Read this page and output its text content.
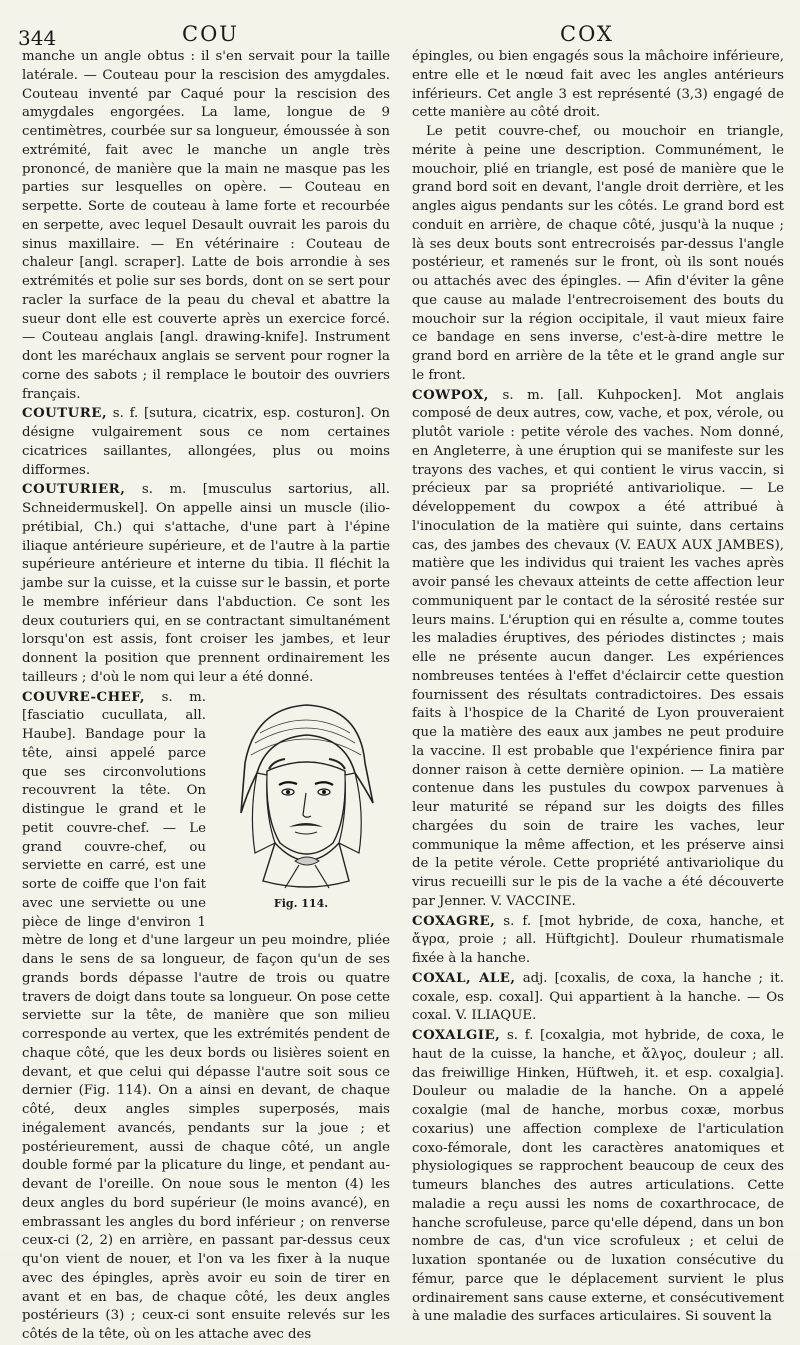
344	COU	COX

manche un angle obtus : il s'en servait pour la taille latérale. — Couteau pour la rescision des amygdales. Couteau inventé par Caqué pour la rescision des amygdales engorgées. La lame, longue de 9 centimètres, courbée sur sa longueur, émoussée à son extrémité, fait avec le manche un angle très prononcé, de manière que la main ne masque pas les parties sur lesquelles on opère. — Couteau en serpette. Sorte de couteau à lame forte et recourbée en serpette, avec lequel Desault ouvrait les parois du sinus maxillaire. — En vétérinaire : Couteau de chaleur [angl. scraper]. Latte de bois arrondie à ses extrémités et polie sur ses bords, dont on se sert pour racler la surface de la peau du cheval et abattre la sueur dont elle est couverte après un exercice forcé. — Couteau anglais [angl. drawing-knife]. Instrument dont les maréchaux anglais se servent pour rogner la corne des sabots ; il remplace le boutoir des ouvriers français.

COUTURE, s. f. [sutura, cicatrix, esp. costuron]. On désigne vulgairement sous ce nom certaines cicatrices saillantes, allongées, plus ou moins difformes.

COUTURIER, s. m. [musculus sartorius, all. Schneidermuskel]. On appelle ainsi un muscle (ilio-prétibial, Ch.) qui s'attache, d'une part à l'épine iliaque antérieure supérieure, et de l'autre à la partie supérieure antérieure et interne du tibia. Il fléchit la jambe sur la cuisse, et la cuisse sur le bassin, et porte le membre inférieur dans l'abduction. Ce sont les deux couturiers qui, en se contractant simultanément lorsqu'on est assis, font croiser les jambes, et leur donnent la position que prennent ordinairement les tailleurs ; d'où le nom qui leur a été donné.

COUVRE-CHEF,
Fig. 114.
s. m. [fasciatio cucullata, all. Haube]. Bandage pour la tête, ainsi appelé parce que ses circonvolutions recouvrent la tête. On distingue le grand et le petit couvre-chef. — Le grand couvre-chef, ou serviette en carré, est une sorte de coiffe que l'on fait avec une serviette ou une pièce de linge d'environ 1 mètre de long et d'une largeur un peu moindre, pliée dans le sens de sa longueur, de façon qu'un de ses grands bords dépasse l'autre de trois ou quatre travers de doigt dans toute sa longueur. On pose cette serviette sur la tête, de manière que son milieu corresponde au vertex, que les extrémités pendent de chaque côté, que les deux bords ou lisières soient en devant, et que celui qui dépasse l'autre soit sous ce dernier (Fig. 114). On a ainsi en devant, de chaque côté, deux angles simples superposés, mais inégalement avancés, pendants sur la joue ; et postérieurement, aussi de chaque côté, un angle double formé par la plicature du linge, et pendant au-devant de l'oreille. On noue sous le menton (4) les deux angles du bord supérieur (le moins avancé), en embrassant les angles du bord inférieur ; on renverse ceux-ci (2, 2) en arrière, en passant par-dessus ceux qu'on vient de nouer, et l'on va les fixer à la nuque avec des épingles, après avoir eu soin de tirer en avant et en bas, de chaque côté, les deux angles postérieurs (3) ; ceux-ci sont ensuite relevés sur les côtés de la tête, où on les attache avec des

épingles, ou bien engagés sous la mâchoire inférieure, entre elle et le nœud fait avec les angles antérieurs inférieurs. Cet angle 3 est représenté (3,3) engagé de cette manière au côté droit.

Le petit couvre-chef, ou mouchoir en triangle, mérite à peine une description. Communément, le mouchoir, plié en triangle, est posé de manière que le grand bord soit en devant, l'angle droit derrière, et les angles aigus pendants sur les côtés. Le grand bord est conduit en arrière, de chaque côté, jusqu'à la nuque ; là ses deux bouts sont entrecroisés par-dessus l'angle postérieur, et ramenés sur le front, où ils sont noués ou attachés avec des épingles. — Afin d'éviter la gêne que cause au malade l'entrecroisement des bouts du mouchoir sur la région occipitale, il vaut mieux faire ce bandage en sens inverse, c'est-à-dire mettre le grand bord en arrière de la tête et le grand angle sur le front.

COWPOX, s. m. [all. Kuhpocken]. Mot anglais composé de deux autres, cow, vache, et pox, vérole, ou plutôt variole : petite vérole des vaches. Nom donné, en Angleterre, à une éruption qui se manifeste sur les trayons des vaches, et qui contient le virus vaccin, si précieux par sa propriété antivariolique. — Le développement du cowpox a été attribué à l'inoculation de la matière qui suinte, dans certains cas, des jambes des chevaux (V. EAUX AUX JAMBES), matière que les individus qui traient les vaches après avoir pansé les chevaux atteints de cette affection leur communiquent par le contact de la sérosité restée sur leurs mains. L'éruption qui en résulte a, comme toutes les maladies éruptives, des périodes distinctes ; mais elle ne présente aucun danger. Les expériences nombreuses tentées à l'effet d'éclaircir cette question fournissent des résultats contradictoires. Des essais faits à l'hospice de la Charité de Lyon prouveraient que la matière des eaux aux jambes ne peut produire la vaccine. Il est probable que l'expérience finira par donner raison à cette dernière opinion. — La matière contenue dans les pustules du cowpox parvenues à leur maturité se répand sur les doigts des filles chargées du soin de traire les vaches, leur communique la même affection, et les préserve ainsi de la petite vérole. Cette propriété antivariolique du virus recueilli sur le pis de la vache a été découverte par Jenner. V. VACCINE.

COXAGRE, s. f. [mot hybride, de coxa, hanche, et ἄγρα, proie ; all. Hüftgicht]. Douleur rhumatismale fixée à la hanche.

COXAL, ALE, adj. [coxalis, de coxa, la hanche ; it. coxale, esp. coxal]. Qui appartient à la hanche. — Os coxal. V. ILIAQUE.

COXALGIE, s. f. [coxalgia, mot hybride, de coxa, le haut de la cuisse, la hanche, et ἄλγος, douleur ; all. das freiwillige Hinken, Hüftweh, it. et esp. coxalgia]. Douleur ou maladie de la hanche. On a appelé coxalgie (mal de hanche, morbus coxæ, morbus coxarius) une affection complexe de l'articulation coxo-fémorale, dont les caractères anatomiques et physiologiques se rapprochent beaucoup de ceux des tumeurs blanches des autres articulations. Cette maladie a reçu aussi les noms de coxarthrocace, de hanche scrofuleuse, parce qu'elle dépend, dans un bon nombre de cas, d'un vice scrofuleux ; et celui de luxation spontanée ou de luxation consécutive du fémur, parce que le déplacement survient le plus ordinairement sans cause externe, et consécutivement à une maladie des surfaces articulaires. Si souvent la
